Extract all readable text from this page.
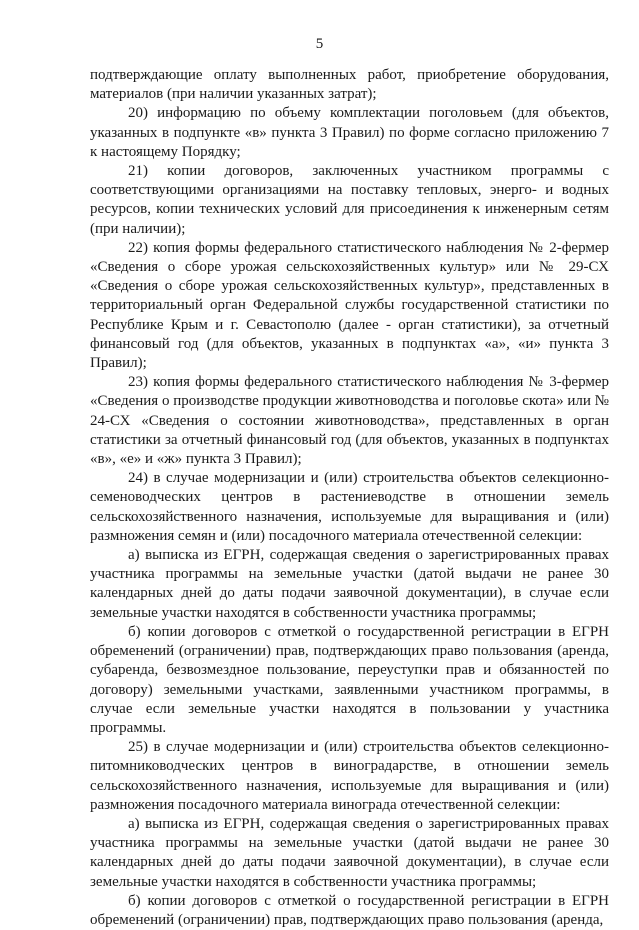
5

подтверждающие оплату выполненных работ, приобретение оборудования, материалов (при наличии указанных затрат);

20) информацию по объему комплектации поголовьем (для объектов, указанных в подпункте «в» пункта 3 Правил) по форме согласно приложению 7 к настоящему Порядку;

21) копии договоров, заключенных участником программы с соответствующими организациями на поставку тепловых, энерго- и водных ресурсов, копии технических условий для присоединения к инженерным сетям (при наличии);

22) копия формы федерального статистического наблюдения № 2-фермер «Сведения о сборе урожая сельскохозяйственных культур» или № 29-СХ «Сведения о сборе урожая сельскохозяйственных культур», представленных в территориальный орган Федеральной службы государственной статистики по Республике Крым и г. Севастополю (далее - орган статистики), за отчетный финансовый год (для объектов, указанных в подпунктах «а», «и» пункта 3 Правил);

23) копия формы федерального статистического наблюдения № 3-фермер «Сведения о производстве продукции животноводства и поголовье скота» или № 24-СХ «Сведения о состоянии животноводства», представленных в орган статистики за отчетный финансовый год (для объектов, указанных в подпунктах «в», «е» и «ж» пункта 3 Правил);

24) в случае модернизации и (или) строительства объектов селекционно-семеноводческих центров в растениеводстве в отношении земель сельскохозяйственного назначения, используемые для выращивания и (или) размножения семян и (или) посадочного материала отечественной селекции:

а) выписка из ЕГРН, содержащая сведения о зарегистрированных правах участника программы на земельные участки (датой выдачи не ранее 30 календарных дней до даты подачи заявочной документации), в случае если земельные участки находятся в собственности участника программы;

б) копии договоров с отметкой о государственной регистрации в ЕГРН обременений (ограничении) прав, подтверждающих право пользования (аренда, субаренда, безвозмездное пользование, переуступки прав и обязанностей по договору) земельными участками, заявленными участником программы, в случае если земельные участки находятся в пользовании у участника программы.

25) в случае модернизации и (или) строительства объектов селекционно-питомниководческих центров в виноградарстве, в отношении земель сельскохозяйственного назначения, используемые для выращивания и (или) размножения посадочного материала винограда отечественной селекции:

а) выписка из ЕГРН, содержащая сведения о зарегистрированных правах участника программы на земельные участки (датой выдачи не ранее 30 календарных дней до даты подачи заявочной документации), в случае если земельные участки находятся в собственности участника программы;

б) копии договоров с отметкой о государственной регистрации в ЕГРН обременений (ограничении) прав, подтверждающих право пользования (аренда,
